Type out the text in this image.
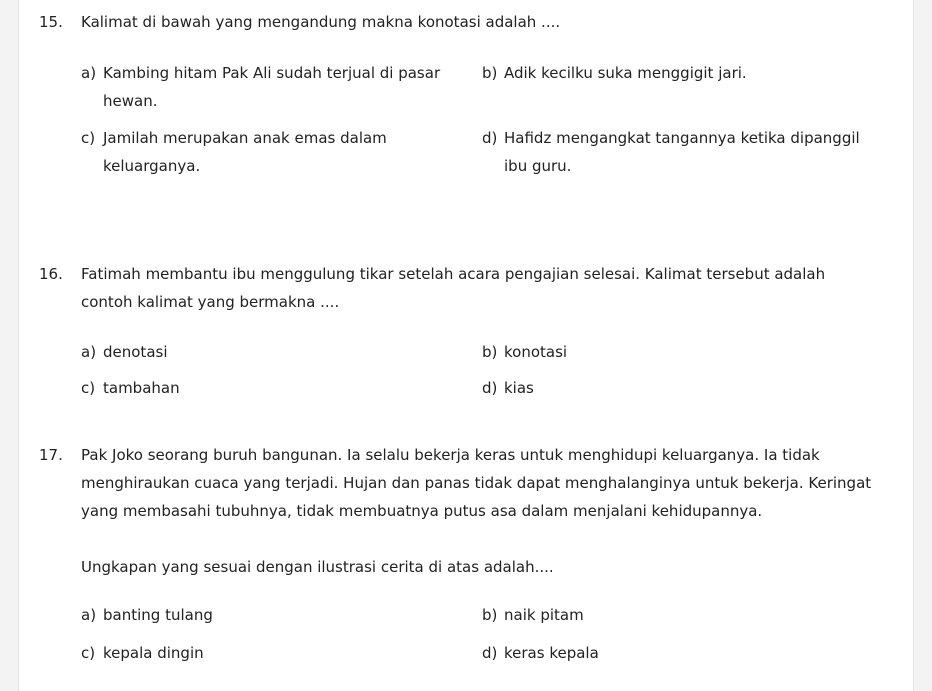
15. Kalimat di bawah yang mengandung makna konotasi adalah ....
a) Kambing hitam Pak Ali sudah terjual di pasar hewan.
b) Adik kecilku suka menggigit jari.
c) Jamilah merupakan anak emas dalam keluarganya.
d) Hafidz mengangkat tangannya ketika dipanggil ibu guru.
16. Fatimah membantu ibu menggulung tikar setelah acara pengajian selesai. Kalimat tersebut adalah contoh kalimat yang bermakna ....
a) denotasi	b) konotasi
c) tambahan	d) kias
17. Pak Joko seorang buruh bangunan. Ia selalu bekerja keras untuk menghidupi keluarganya. Ia tidak menghiraukan cuaca yang terjadi. Hujan dan panas tidak dapat menghalanginya untuk bekerja. Keringat yang membasahi tubuhnya, tidak membuatnya putus asa dalam menjalani kehidupannya.
Ungkapan yang sesuai dengan ilustrasi cerita di atas adalah....
a) banting tulang	b) naik pitam
c) kepala dingin	d) keras kepala
